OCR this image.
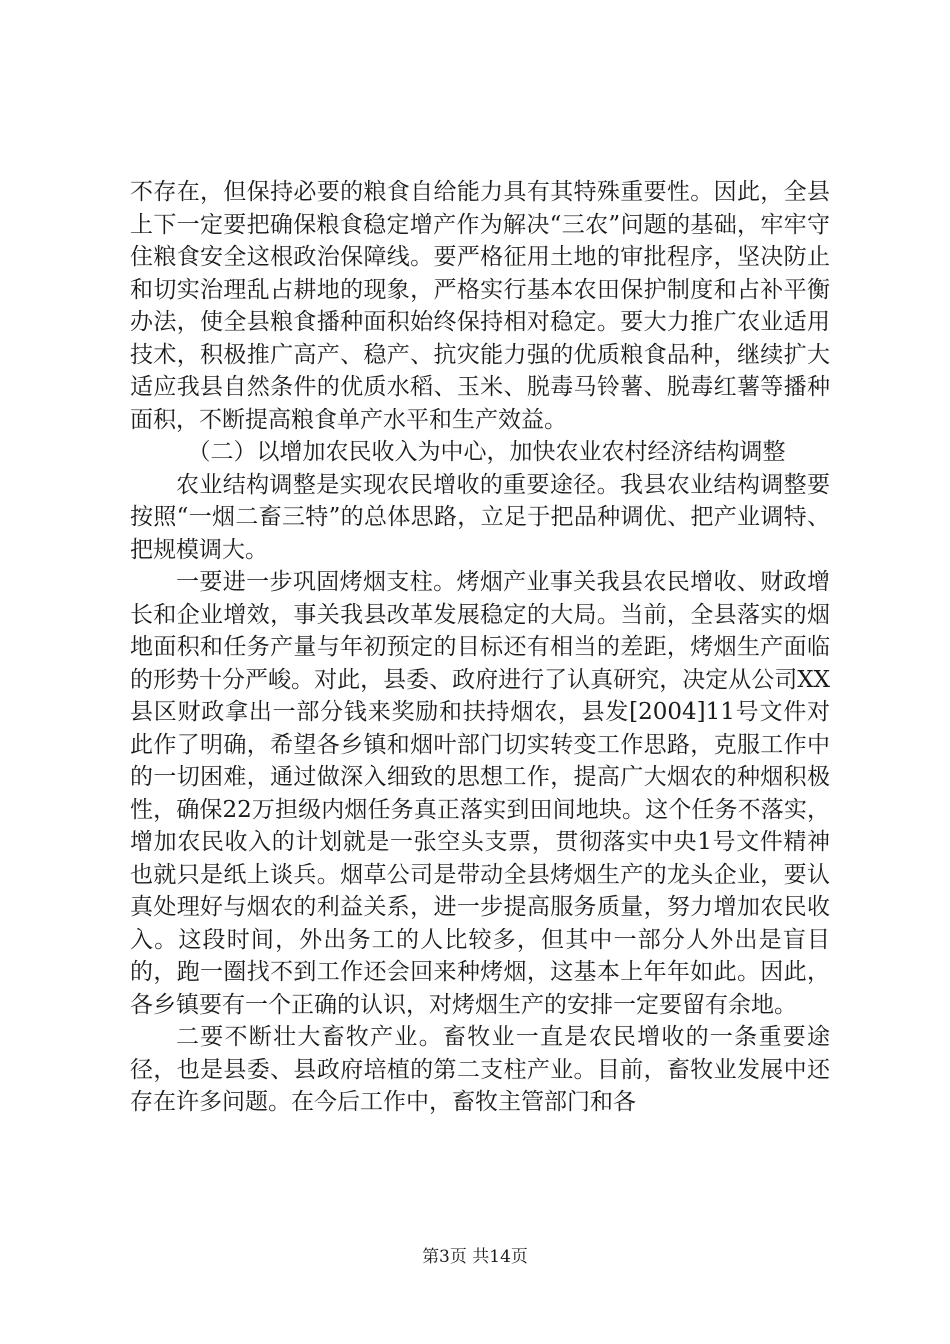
不存在，但保持必要的粮食自给能力具有其特殊重要性。因此，全县上下一定要把确保粮食稳定增产作为解决“三农”问题的基础，牢牢守住粮食安全这根政治保障线。要严格征用土地的审批程序，坚决防止和切实治理乱占耕地的现象，严格实行基本农田保护制度和占补平衡办法，使全县粮食播种面积始终保持相对稳定。要大力推广农业适用技术，积极推广高产、稳产、抗灾能力强的优质粮食品种，继续扩大适应我县自然条件的优质水稻、玉米、脱毒马铃薯、脱毒红薯等播种面积，不断提高粮食单产水平和生产效益。

（二）以增加农民收入为中心，加快农业农村经济结构调整

农业结构调整是实现农民增收的重要途径。我县农业结构调整要按照“一烟二畜三特”的总体思路，立足于把品种调优、把产业调特、把规模调大。

一要进一步巩固烤烟支柱。烤烟产业事关我县农民增收、财政增长和企业增效，事关我县改革发展稳定的大局。当前，全县落实的烟地面积和任务产量与年初预定的目标还有相当的差距，烤烟生产面临的形势十分严峻。对此，县委、政府进行了认真研究，决定从公司XX县区财政拿出一部分钱来奖励和扶持烟农，县发[2004]11号文件对此作了明确，希望各乡镇和烟叶部门切实转变工作思路，克服工作中的一切困难，通过做深入细致的思想工作，提高广大烟农的种烟积极性，确保22万担级内烟任务真正落实到田间地块。这个任务不落实，增加农民收入的计划就是一张空头支票，贯彻落实中央1号文件精神也就只是纸上谈兵。烟草公司是带动全县烤烟生产的龙头企业，要认真处理好与烟农的利益关系，进一步提高服务质量，努力增加农民收入。这段时间，外出务工的人比较多，但其中一部分人外出是盲目的，跑一圈找不到工作还会回来种烤烟，这基本上年年如此。因此，各乡镇要有一个正确的认识，对烤烟生产的安排一定要留有余地。

二要不断壮大畜牧产业。畜牧业一直是农民增收的一条重要途径，也是县委、县政府培植的第二支柱产业。目前，畜牧业发展中还存在许多问题。在今后工作中，畜牧主管部门和各

第3页 共14页
